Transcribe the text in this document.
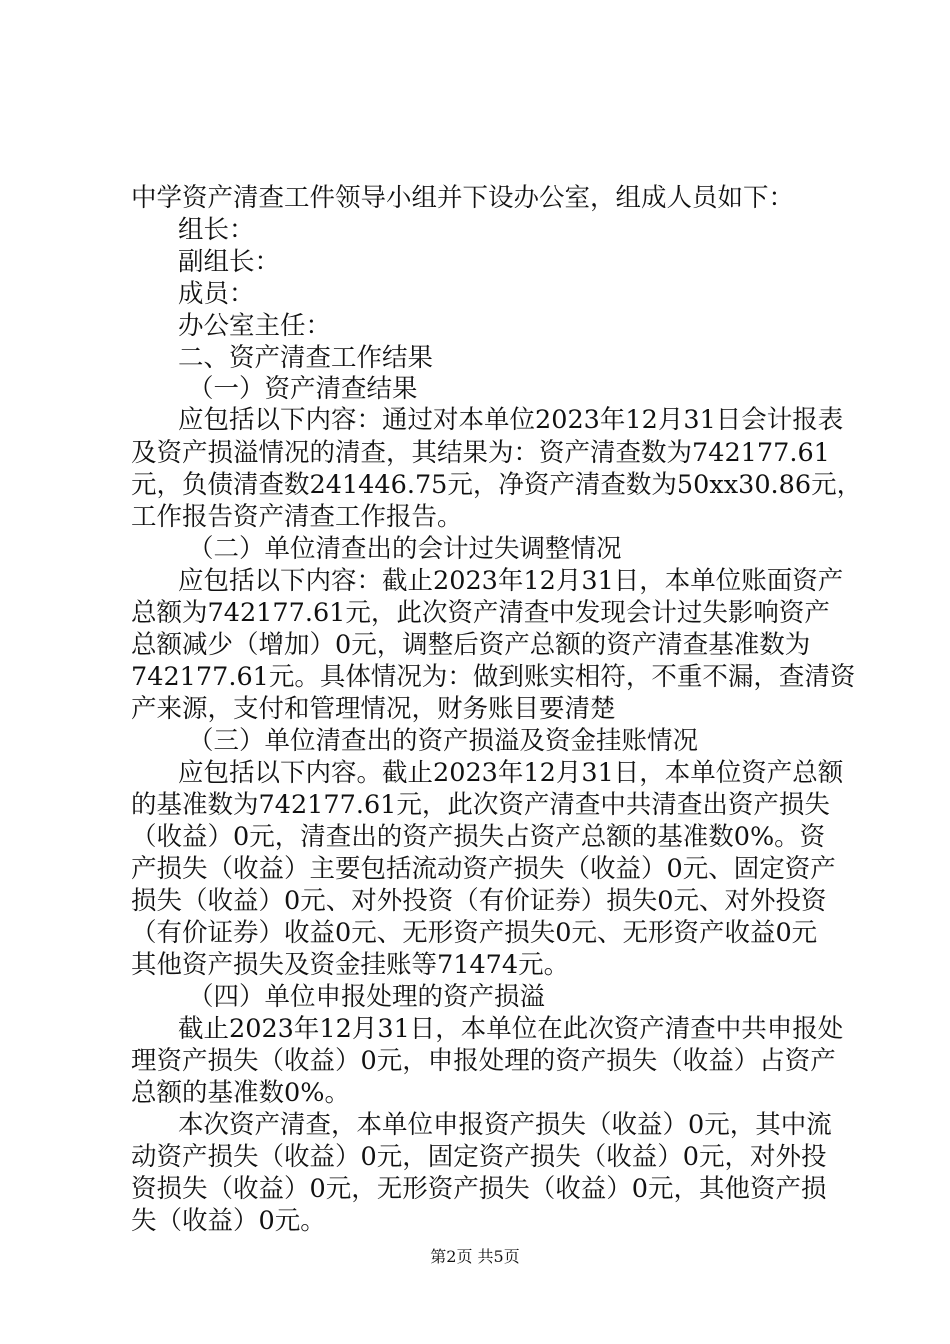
中学资产清查工件领导小组并下设办公室，组成人员如下：
组长：
副组长：
成员：
办公室主任：
二、资产清查工作结果
（一）资产清查结果
应包括以下内容：通过对本单位2023年12月31日会计报表
及资产损溢情况的清查，其结果为：资产清查数为742177.61
元，负债清查数241446.75元，净资产清查数为50xx30.86元，
工作报告资产清查工作报告。
（二）单位清查出的会计过失调整情况
应包括以下内容：截止2023年12月31日，本单位账面资产
总额为742177.61元，此次资产清查中发现会计过失影响资产
总额减少（增加）0元，调整后资产总额的资产清查基准数为
742177.61元。具体情况为：做到账实相符，不重不漏，查清资
产来源，支付和管理情况，财务账目要清楚
（三）单位清查出的资产损溢及资金挂账情况
应包括以下内容。截止2023年12月31日，本单位资产总额
的基准数为742177.61元，此次资产清查中共清查出资产损失
（收益）0元，清查出的资产损失占资产总额的基准数0%。资
产损失（收益）主要包括流动资产损失（收益）0元、固定资产
损失（收益）0元、对外投资（有价证券）损失0元、对外投资
（有价证券）收益0元、无形资产损失0元、无形资产收益0元
其他资产损失及资金挂账等71474元。
（四）单位申报处理的资产损溢
截止2023年12月31日，本单位在此次资产清查中共申报处
理资产损失（收益）0元，申报处理的资产损失（收益）占资产
总额的基准数0%。
本次资产清查，本单位申报资产损失（收益）0元，其中流
动资产损失（收益）0元，固定资产损失（收益）0元，对外投
资损失（收益）0元，无形资产损失（收益）0元，其他资产损
失（收益）0元。
第2页 共5页
